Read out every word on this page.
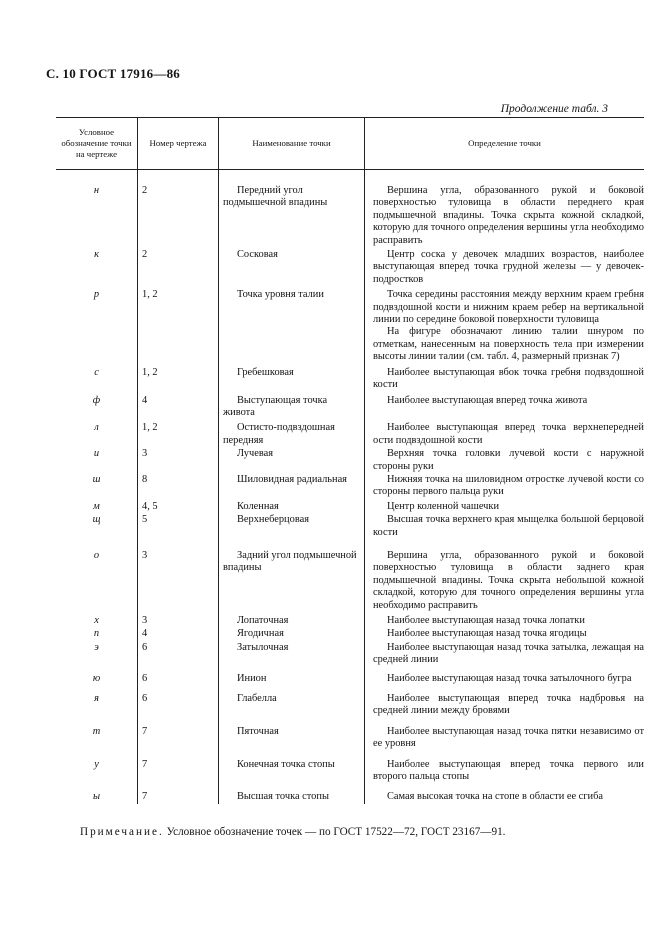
С. 10 ГОСТ 17916—86
Продолжение табл. 3
Условное обозначение точки на чертеже	Номер чертежа	Наименование точки	Определение точки
н	2	Передний угол подмышечной впадины	Вершина угла, образованного рукой и боковой поверхностью туловища в области переднего края подмышечной впадины. Точка скрыта кожной складкой, которую для точного определения вершины угла необходимо расправить

к	2	Сосковая	Центр соска у девочек младших возрастов, наиболее выступающая вперед точка грудной железы — у девочек-подростков

р	1, 2	Точка уровня талии	Точка середины расстояния между верхним краем гребня подвздошной кости и нижним краем ребер на вертикальной линии по середине боковой поверхности туловища
На фигуре обозначают линию талии шнуром по отметкам, нанесенным на поверхность тела при измерении высоты линии талии (см. табл. 4, размерный признак 7)

с	1, 2	Гребешковая	Наиболее выступающая вбок точка гребня подвздошной кости

ф	4	Выступающая точка живота	Наиболее выступающая вперед точка живота

л	1, 2	Остисто-подвздошная передняя	Наиболее выступающая вперед точка верхнепередней ости подвздошной кости

и	3	Лучевая	Верхняя точка головки лучевой кости с наружной стороны руки

ш	8	Шиловидная радиальная	Нижняя точка на шиловидном отростке лучевой кости со стороны первого пальца руки

м	4, 5	Коленная	Центр коленной чашечки

щ	5	Верхнеберцовая	Высшая точка верхнего края мыщелка большой берцовой кости

о	3	Задний угол подмышечной впадины	Вершина угла, образованного рукой и боковой поверхностью туловища в области заднего края подмышечной впадины. Точка скрыта небольшой кожной складкой, которую для точного определения вершины угла необходимо расправить

х	3	Лопаточная	Наиболее выступающая назад точка лопатки

п	4	Ягодичная	Наиболее выступающая назад точка ягодицы

э	6	Затылочная	Наиболее выступающая назад точка затылка, лежащая на средней линии

ю	6	Инион	Наиболее выступающая назад точка затылочного бугра

я	6	Глабелла	Наиболее выступающая вперед точка надбровья на средней линии между бровями

т	7	Пяточная	Наиболее выступающая назад точка пятки независимо от ее уровня

у	7	Конечная точка стопы	Наиболее выступающая вперед точка первого или второго пальца стопы

ы	7	Высшая точка стопы	Самая высокая точка на стопе в области ее сгиба
Примечание. Условное обозначение точек — по ГОСТ 17522—72, ГОСТ 23167—91.
